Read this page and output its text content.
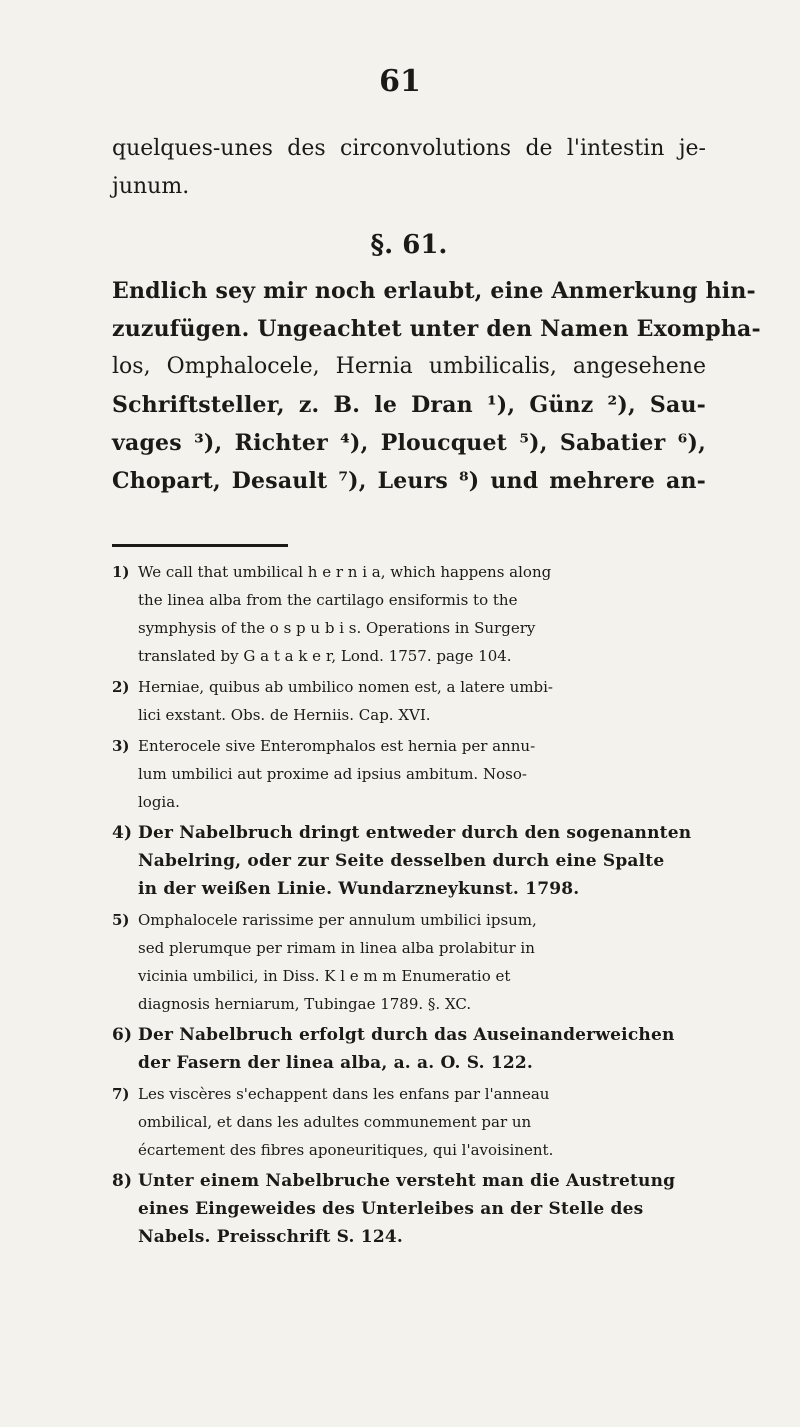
61
quelques-unes des circonvolutions de l'intestin je-
junum.
§. 61.
Endlich sey mir noch erlaubt, eine Anmerkung hin-
zuzufügen. Ungeachtet unter den Namen Exompha-
los, Omphalocele, Hernia umbilicalis, angesehene
Schriftsteller, z. B. le Dran ¹), Günz ²), Sau-
vages ³), Richter ⁴), Ploucquet ⁵), Sabatier ⁶),
Chopart, Desault ⁷), Leurs ⁸) und mehrere an-
1) We call that umbilical h e r n i a, which happens along
the linea alba from the cartilago ensiformis to the
symphysis of the o s p u b i s. Operations in Surgery
translated by G a t a k e r, Lond. 1757. page 104.
2) Herniae, quibus ab umbilico nomen est, a latere umbi-
lici exstant. Obs. de Herniis. Cap. XVI.
3) Enterocele sive Enteromphalos est hernia per annu-
lum umbilici aut proxime ad ipsius ambitum. Noso-
logia.
4) Der Nabelbruch dringt entweder durch den sogenannten
Nabelring, oder zur Seite desselben durch eine Spalte
in der weißen Linie. Wundarzneykunst. 1798.
5) Omphalocele rarissime per annulum umbilici ipsum,
sed plerumque per rimam in linea alba prolabitur in
vicinia umbilici, in Diss. K l e m m Enumeratio et
diagnosis herniarum, Tubingae 1789. §. XC.
6) Der Nabelbruch erfolgt durch das Auseinanderweichen
der Fasern der linea alba, a. a. O. S. 122.
7) Les viscères s'echappent dans les enfans par l'anneau
ombilical, et dans les adultes communement par un
écartement des fibres aponeuritiques, qui l'avoisinent.
8) Unter einem Nabelbruche versteht man die Austretung
eines Eingeweides des Unterleibes an der Stelle des
Nabels. Preisschrift S. 124.
